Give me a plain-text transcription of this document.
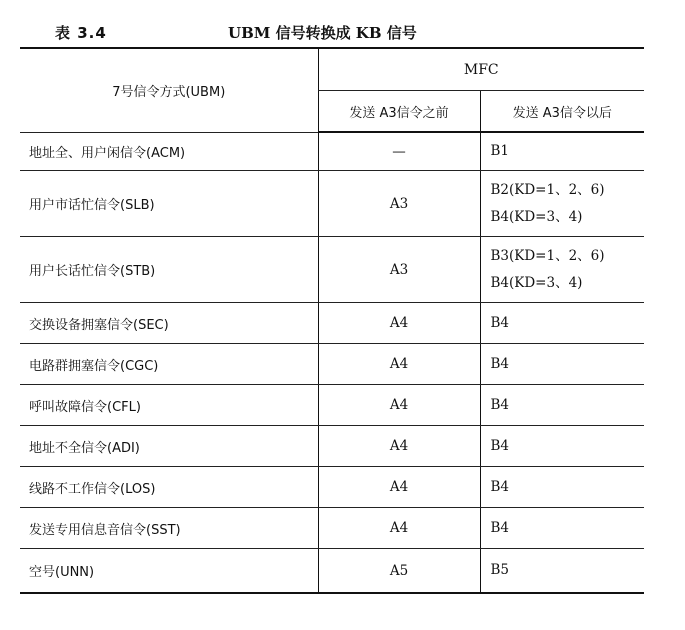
表 3.4	UBM 信号转换成 KB 信号
7号信令方式(UBM)	MFC	
	发送 A3信令之前	发送 A3信令以后
地址全、用户闲信令(ACM)	—	B1

用户市话忙信令(SLB)	A3	B2(KD=1、2、6)
B4(KD=3、4)

用户长话忙信令(STB)	A3	B3(KD=1、2、6)
B4(KD=3、4)

交换设备拥塞信令(SEC)	A4	B4

电路群拥塞信令(CGC)	A4	B4

呼叫故障信令(CFL)	A4	B4

地址不全信令(ADI)	A4	B4

线路不工作信令(LOS)	A4	B4

发送专用信息音信令(SST)	A4	B4

空号(UNN)	A5	B5
